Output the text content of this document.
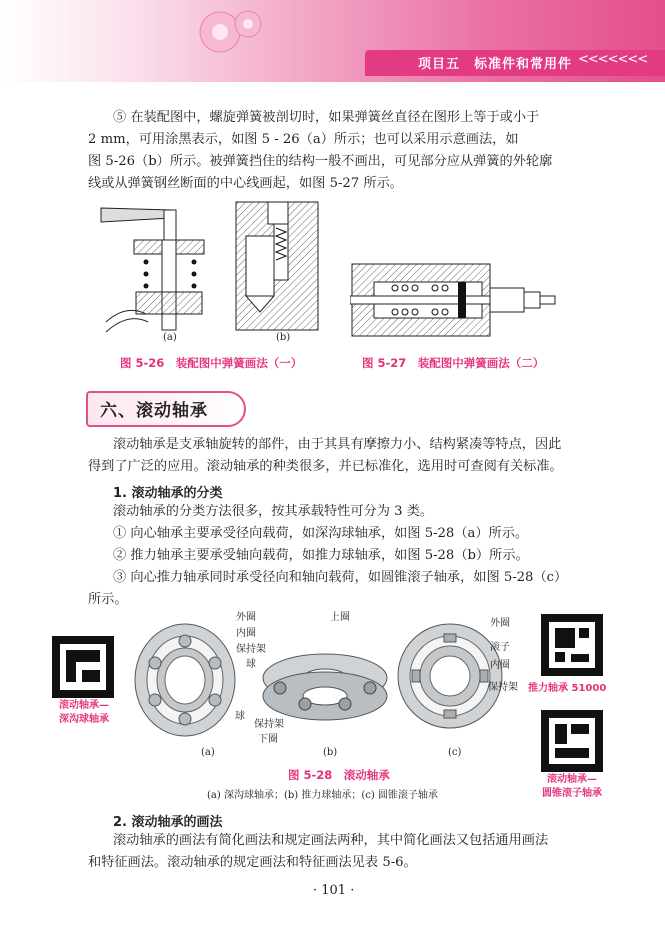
项目五　标准件和常用件 <<<<<<<

⑤ 在装配图中，螺旋弹簧被剖切时，如果弹簧丝直径在图形上等于或小于

2 mm，可用涂黑表示，如图 5 - 26（a）所示；也可以采用示意画法，如

图 5-26（b）所示。被弹簧挡住的结构一般不画出，可见部分应从弹簧的外轮廓

线或从弹簧钢丝断面的中心线画起，如图 5-27 所示。

(a)	(b)
图 5-26　装配图中弹簧画法（一）	图 5-27　装配图中弹簧画法（二）
六、滚动轴承

滚动轴承是支承轴旋转的部件，由于其具有摩擦力小、结构紧凑等特点，因此

得到了广泛的应用。滚动轴承的种类很多，并已标准化，选用时可查阅有关标准。

1. 滚动轴承的分类

滚动轴承的分类方法很多，按其承载特性可分为 3 类。

① 向心轴承主要承受径向载荷，如深沟球轴承，如图 5-28（a）所示。

② 推力轴承主要承受轴向载荷，如推力球轴承，如图 5-28（b）所示。

③ 向心推力轴承同时承受径向和轴向载荷，如圆锥滚子轴承，如图 5-28（c）

所示。

滚动轴承—
深沟球轴承
推力轴承 51000
滚动轴承—
圆锥滚子轴承
外圈
内圈
保持架
球
上圈
球
保持架
下圈
外圈
滚子
内圈
保持架
(a)	(b)	(c)
图 5-28　滚动轴承
(a) 深沟球轴承；(b) 推力球轴承；(c) 圆锥滚子轴承
2. 滚动轴承的画法

滚动轴承的画法有简化画法和规定画法两种，其中简化画法又包括通用画法

和特征画法。滚动轴承的规定画法和特征画法见表 5-6。

· 101 ·
